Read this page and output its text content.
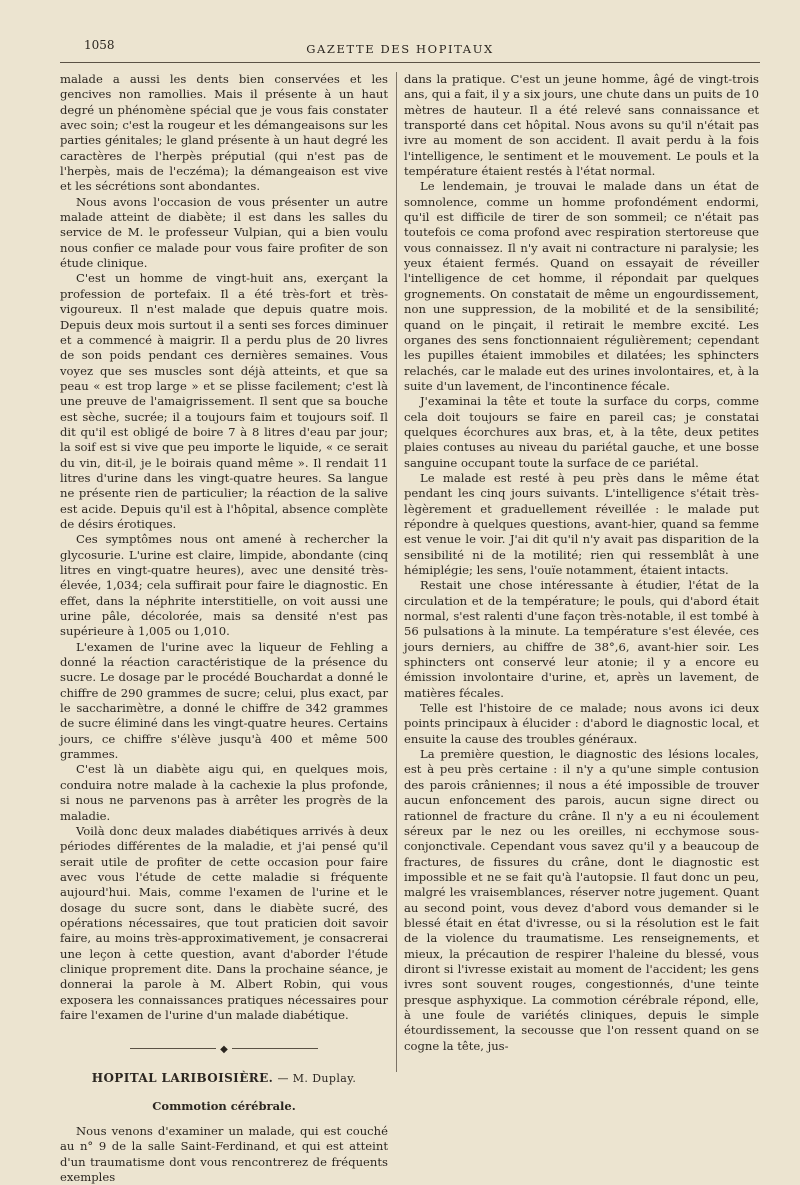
1058	GAZETTE DES HOPITAUX

malade a aussi les dents bien conservées et les gencives non ramollies. Mais il présente à un haut degré un phénomène spécial que je vous fais constater avec soin; c'est la rougeur et les démangeaisons sur les parties génitales; le gland présente à un haut degré les caractères de l'herpès préputial (qui n'est pas de l'herpès, mais de l'eczéma); la démangeaison est vive et les sécrétions sont abondantes.

Nous avons l'occasion de vous présenter un autre malade atteint de diabète; il est dans les salles du service de M. le professeur Vulpian, qui a bien voulu nous confier ce malade pour vous faire profiter de son étude clinique.

C'est un homme de vingt-huit ans, exerçant la profession de portefaix. Il a été très-fort et très-vigoureux. Il n'est malade que depuis quatre mois. Depuis deux mois surtout il a senti ses forces diminuer et a commencé à maigrir. Il a perdu plus de 20 livres de son poids pendant ces dernières semaines. Vous voyez que ses muscles sont déjà atteints, et que sa peau « est trop large » et se plisse facilement; c'est là une preuve de l'amaigrissement. Il sent que sa bouche est sèche, sucrée; il a toujours faim et toujours soif. Il dit qu'il est obligé de boire 7 à 8 litres d'eau par jour; la soif est si vive que peu importe le liquide, « ce serait du vin, dit-il, je le boirais quand même ». Il rendait 11 litres d'urine dans les vingt-quatre heures. Sa langue ne présente rien de particulier; la réaction de la salive est acide. Depuis qu'il est à l'hôpital, absence complète de désirs érotiques.

Ces symptômes nous ont amené à rechercher la glycosurie. L'urine est claire, limpide, abondante (cinq litres en vingt-quatre heures), avec une densité très-élevée, 1,034; cela suffirait pour faire le diagnostic. En effet, dans la néphrite interstitielle, on voit aussi une urine pâle, décolorée, mais sa densité n'est pas supérieure à 1,005 ou 1,010.

L'examen de l'urine avec la liqueur de Fehling a donné la réaction caractéristique de la présence du sucre. Le dosage par le procédé Bouchardat a donné le chiffre de 290 grammes de sucre; celui, plus exact, par le saccharimètre, a donné le chiffre de 342 grammes de sucre éliminé dans les vingt-quatre heures. Certains jours, ce chiffre s'élève jusqu'à 400 et même 500 grammes.

C'est là un diabète aigu qui, en quelques mois, conduira notre malade à la cachexie la plus profonde, si nous ne parvenons pas à arrêter les progrès de la maladie.

Voilà donc deux malades diabétiques arrivés à deux périodes différentes de la maladie, et j'ai pensé qu'il serait utile de profiter de cette occasion pour faire avec vous l'étude de cette maladie si fréquente aujourd'hui. Mais, comme l'examen de l'urine et le dosage du sucre sont, dans le diabète sucré, des opérations nécessaires, que tout praticien doit savoir faire, au moins très-approximativement, je consacrerai une leçon à cette question, avant d'aborder l'étude clinique proprement dite. Dans la prochaine séance, je donnerai la parole à M. Albert Robin, qui vous exposera les connaissances pratiques nécessaires pour faire l'examen de l'urine d'un malade diabétique.

◆
HOPITAL LARIBOISIÈRE. — M. Duplay.
Commotion cérébrale.

Nous venons d'examiner un malade, qui est couché au n° 9 de la salle Saint-Ferdinand, et qui est atteint d'un traumatisme dont vous rencontrerez de fréquents exemples

dans la pratique. C'est un jeune homme, âgé de vingt-trois ans, qui a fait, il y a six jours, une chute dans un puits de 10 mètres de hauteur. Il a été relevé sans connaissance et transporté dans cet hôpital. Nous avons su qu'il n'était pas ivre au moment de son accident. Il avait perdu à la fois l'intelligence, le sentiment et le mouvement. Le pouls et la température étaient restés à l'état normal.

Le lendemain, je trouvai le malade dans un état de somnolence, comme un homme profondément endormi, qu'il est difficile de tirer de son sommeil; ce n'était pas toutefois ce coma profond avec respiration stertoreuse que vous connaissez. Il n'y avait ni contracture ni paralysie; les yeux étaient fermés. Quand on essayait de réveiller l'intelligence de cet homme, il répondait par quelques grognements. On constatait de même un engourdissement, non une suppression, de la mobilité et de la sensibilité; quand on le pinçait, il retirait le membre excité. Les organes des sens fonctionnaient régulièrement; cependant les pupilles étaient immobiles et dilatées; les sphincters relachés, car le malade eut des urines involontaires, et, à la suite d'un lavement, de l'incontinence fécale.

J'examinai la tête et toute la surface du corps, comme cela doit toujours se faire en pareil cas; je constatai quelques écorchures aux bras, et, à la tête, deux petites plaies contuses au niveau du pariétal gauche, et une bosse sanguine occupant toute la surface de ce pariétal.

Le malade est resté à peu près dans le même état pendant les cinq jours suivants. L'intelligence s'était très-lègèrement et graduellement réveillée : le malade put répondre à quelques questions, avant-hier, quand sa femme est venue le voir. J'ai dit qu'il n'y avait pas disparition de la sensibilité ni de la motilité; rien qui ressemblât à une hémiplégie; les sens, l'ouïe notamment, étaient intacts.

Restait une chose intéressante à étudier, l'état de la circulation et de la température; le pouls, qui d'abord était normal, s'est ralenti d'une façon très-notable, il est tombé à 56 pulsations à la minute. La température s'est élevée, ces jours derniers, au chiffre de 38°,6, avant-hier soir. Les sphincters ont conservé leur atonie; il y a encore eu émission involontaire d'urine, et, après un lavement, de matières fécales.

Telle est l'histoire de ce malade; nous avons ici deux points principaux à élucider : d'abord le diagnostic local, et ensuite la cause des troubles généraux.

La première question, le diagnostic des lésions locales, est à peu près certaine : il n'y a qu'une simple contusion des parois crâniennes; il nous a été impossible de trouver aucun enfoncement des parois, aucun signe direct ou rationnel de fracture du crâne. Il n'y a eu ni écoulement séreux par le nez ou les oreilles, ni ecchymose sous-conjonctivale. Cependant vous savez qu'il y a beaucoup de fractures, de fissures du crâne, dont le diagnostic est impossible et ne se fait qu'à l'autopsie. Il faut donc un peu, malgré les vraisemblances, réserver notre jugement. Quant au second point, vous devez d'abord vous demander si le blessé était en état d'ivresse, ou si la résolution est le fait de la violence du traumatisme. Les renseignements, et mieux, la précaution de respirer l'haleine du blessé, vous diront si l'ivresse existait au moment de l'accident; les gens ivres sont souvent rouges, congestionnés, d'une teinte presque asphyxique. La commotion cérébrale répond, elle, à une foule de variétés cliniques, depuis le simple étourdissement, la secousse que l'on ressent quand on se cogne la tête, jus-
